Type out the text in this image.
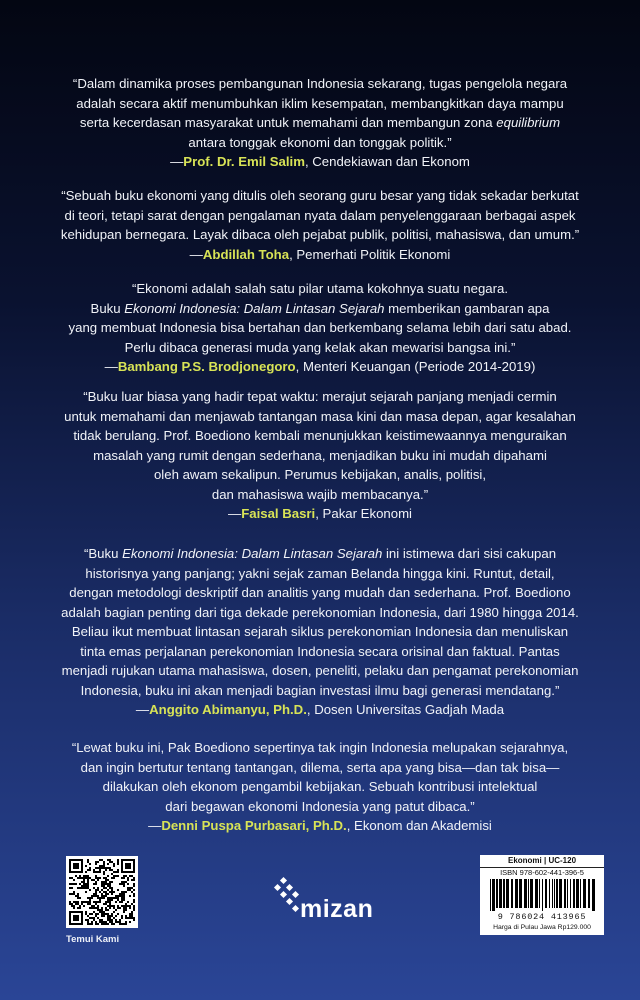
“Dalam dinamika proses pembangunan Indonesia sekarang, tugas pengelola negara
adalah secara aktif menumbuhkan iklim kesempatan, membangkitkan daya mampu
serta kecerdasan masyarakat untuk memahami dan membangun zona equilibrium
antara tonggak ekonomi dan tonggak politik.”
—Prof. Dr. Emil Salim, Cendekiawan dan Ekonom
“Sebuah buku ekonomi yang ditulis oleh seorang guru besar yang tidak sekadar berkutat
di teori, tetapi sarat dengan pengalaman nyata dalam penyelenggaraan berbagai aspek
kehidupan bernegara. Layak dibaca oleh pejabat publik, politisi, mahasiswa, dan umum.”
—Abdillah Toha, Pemerhati Politik Ekonomi
“Ekonomi adalah salah satu pilar utama kokohnya suatu negara.
Buku Ekonomi Indonesia: Dalam Lintasan Sejarah memberikan gambaran apa
yang membuat Indonesia bisa bertahan dan berkembang selama lebih dari satu abad.
Perlu dibaca generasi muda yang kelak akan mewarisi bangsa ini.”
—Bambang P.S. Brodjonegoro, Menteri Keuangan (Periode 2014-2019)
“Buku luar biasa yang hadir tepat waktu: merajut sejarah panjang menjadi cermin
untuk memahami dan menjawab tantangan masa kini dan masa depan, agar kesalahan
tidak berulang. Prof. Boediono kembali menunjukkan keistimewaannya menguraikan
masalah yang rumit dengan sederhana, menjadikan buku ini mudah dipahami
oleh awam sekalipun. Perumus kebijakan, analis, politisi,
dan mahasiswa wajib membacanya.”
—Faisal Basri, Pakar Ekonomi
“Buku Ekonomi Indonesia: Dalam Lintasan Sejarah ini istimewa dari sisi cakupan
historisnya yang panjang; yakni sejak zaman Belanda hingga kini. Runtut, detail,
dengan metodologi deskriptif dan analitis yang mudah dan sederhana. Prof. Boediono
adalah bagian penting dari tiga dekade perekonomian Indonesia, dari 1980 hingga 2014.
Beliau ikut membuat lintasan sejarah siklus perekonomian Indonesia dan menuliskan
tinta emas perjalanan perekonomian Indonesia secara orisinal dan faktual. Pantas
menjadi rujukan utama mahasiswa, dosen, peneliti, pelaku dan pengamat perekonomian
Indonesia, buku ini akan menjadi bagian investasi ilmu bagi generasi mendatang.”
—Anggito Abimanyu, Ph.D., Dosen Universitas Gadjah Mada
“Lewat buku ini, Pak Boediono sepertinya tak ingin Indonesia melupakan sejarahnya,
dan ingin bertutur tentang tantangan, dilema, serta apa yang bisa—dan tak bisa—
dilakukan oleh ekonom pengambil kebijakan. Sebuah kontribusi intelektual
dari begawan ekonomi Indonesia yang patut dibaca.”
—Denni Puspa Purbasari, Ph.D., Ekonom dan Akademisi
Temui Kami
mizan
Ekonomi | UC-120
ISBN 978-602-441-396-5
9 786024 413965
Harga di Pulau Jawa Rp129.000
